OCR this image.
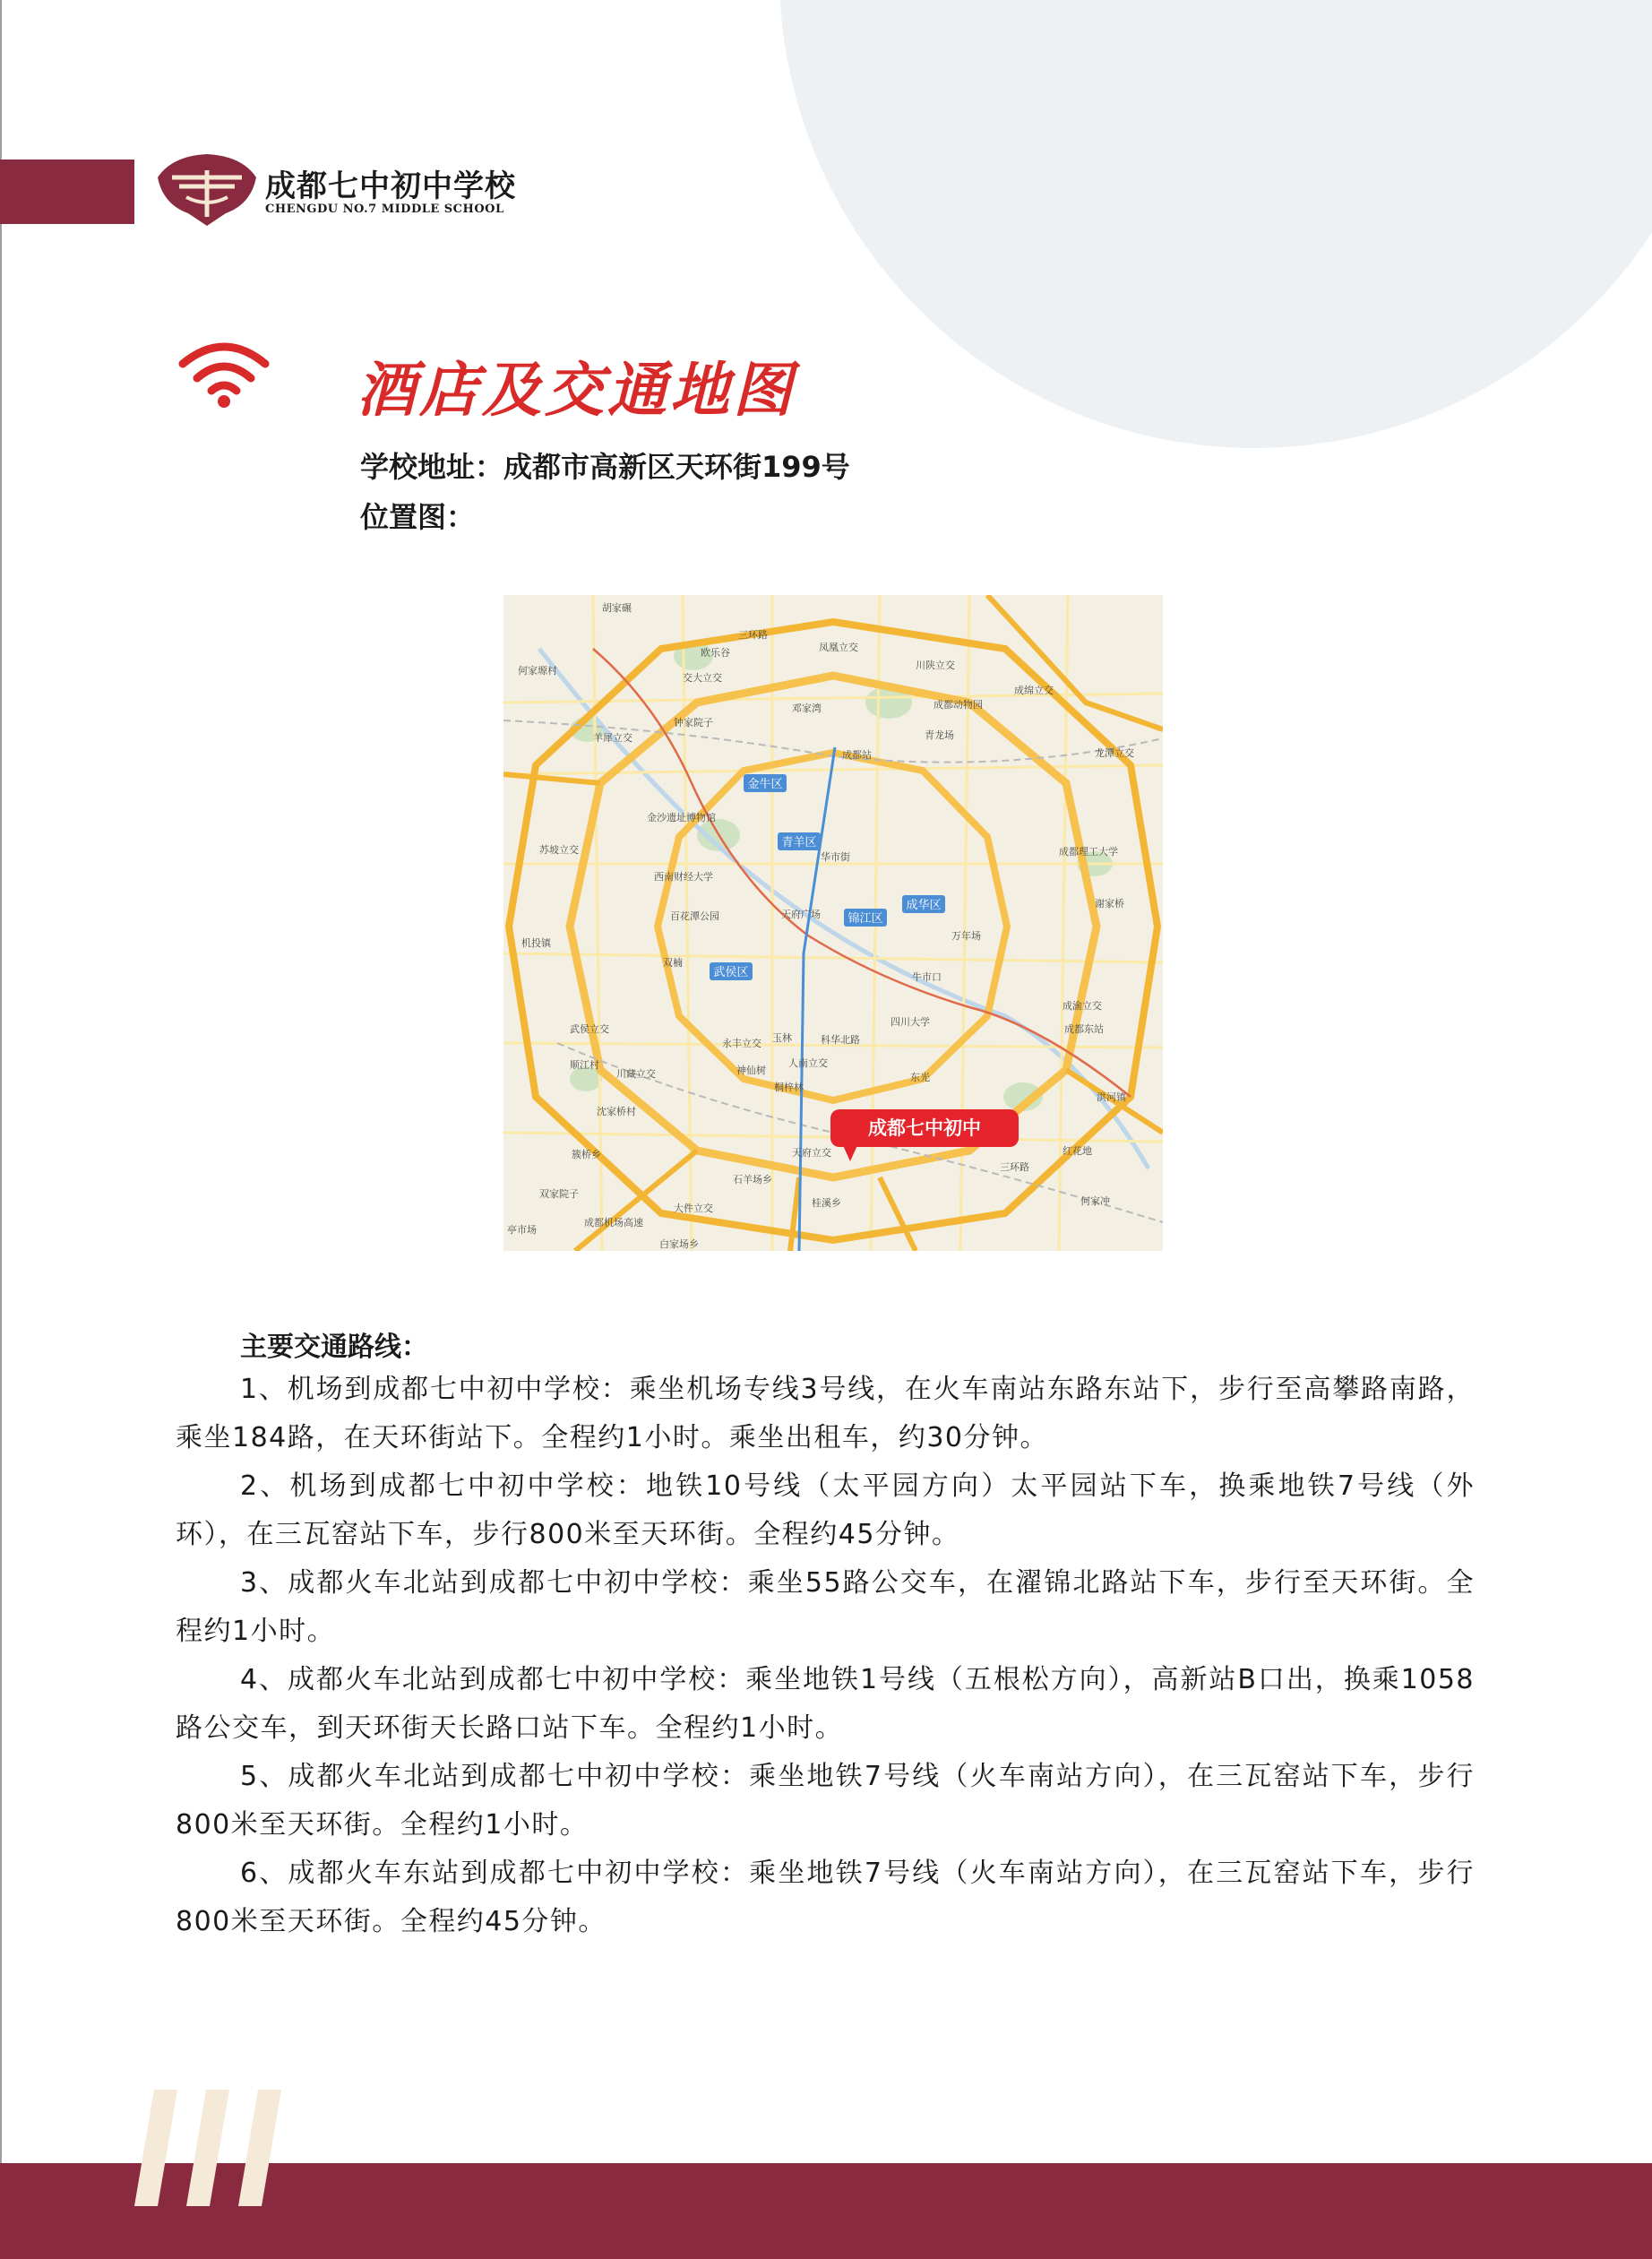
成都七中初中学校
CHENGDU NO.7 MIDDLE SCHOOL
酒店及交通地图
学校地址：成都市高新区天环街199号
位置图：
金牛区
青羊区
锦江区
成华区
武侯区
胡家碾
欧乐谷
三环路
凤凰立交
川陕立交
何家塬村
交大立交
邓家湾	成都动物园
成绵立交
羊犀立交
钟家院子
成都站
青龙场
龙潭立交
金沙遗址博物馆
华市街
苏坡立交
西南财经大学
成都理工大学
百花潭公园	天府广场
谢家桥
机投镇
双楠
万年场
牛市口
成渝立交
成都东站
武侯立交
永丰立交 玉林	科华北路
四川大学
顺江村
川藏立交	神仙树
人南立交
桐梓林
东光
沈家桥村
洪河镇
簇桥乡	天府立交
三环路
红花地
石羊场乡
桂溪乡	何家冲
双家院子
大件立交
亭市场
白家场乡
成都机场高速
成都七中初中
主要交通路线：

1、机场到成都七中初中学校：乘坐机场专线3号线，在火车南站东路东站下，步行至高攀路南路，乘坐184路，在天环街站下。全程约1小时。乘坐出租车，约30分钟。

2、机场到成都七中初中学校：地铁10号线（太平园方向）太平园站下车，换乘地铁7号线（外环），在三瓦窑站下车，步行800米至天环街。全程约45分钟。

3、成都火车北站到成都七中初中学校：乘坐55路公交车，在濯锦北路站下车，步行至天环街。全程约1小时。

4、成都火车北站到成都七中初中学校：乘坐地铁1号线（五根松方向），高新站B口出，换乘1058路公交车，到天环街天长路口站下车。全程约1小时。

5、成都火车北站到成都七中初中学校：乘坐地铁7号线（火车南站方向），在三瓦窑站下车，步行800米至天环街。全程约1小时。

6、成都火车东站到成都七中初中学校：乘坐地铁7号线（火车南站方向），在三瓦窑站下车，步行800米至天环街。全程约45分钟。
